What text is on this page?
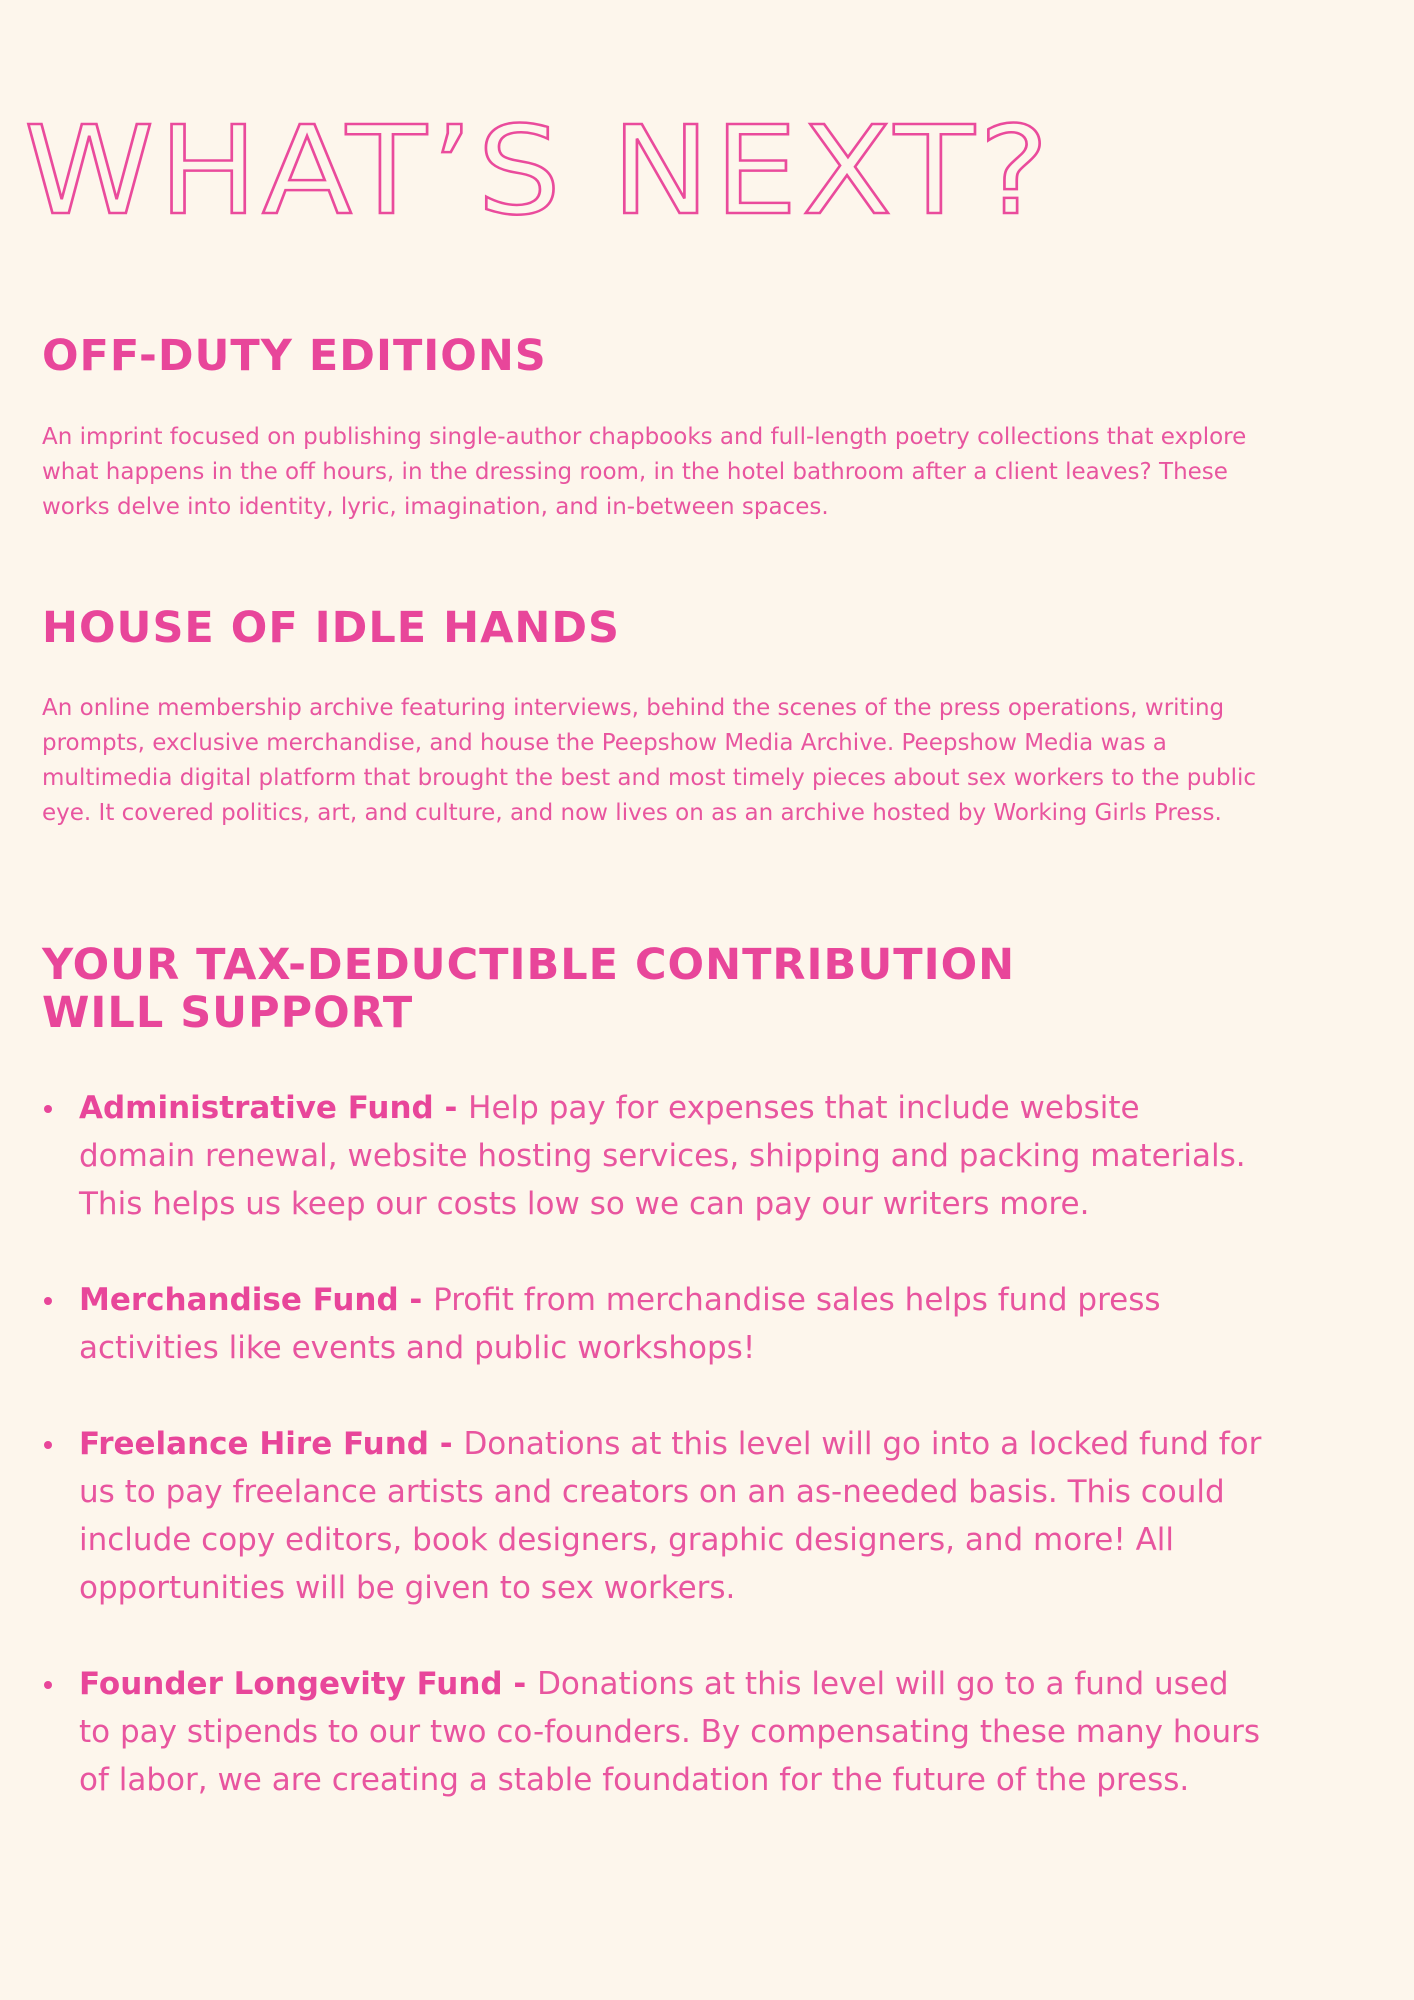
WHAT’S NEXT?
OFF-DUTY EDITIONS

An imprint focused on publishing single-author chapbooks and full-length poetry collections that explore what happens in the off hours, in the dressing room, in the hotel bathroom after a client leaves? These works delve into identity, lyric, imagination, and in-between spaces.

HOUSE OF IDLE HANDS

An online membership archive featuring interviews, behind the scenes of the press operations, writing prompts, exclusive merchandise, and house the Peepshow Media Archive. Peepshow Media was a multimedia digital platform that brought the best and most timely pieces about sex workers to the public eye. It covered politics, art, and culture, and now lives on as an archive hosted by Working Girls Press.

YOUR TAX-DEDUCTIBLE CONTRIBUTION WILL SUPPORT
Administrative Fund - Help pay for expenses that include website domain renewal, website hosting services, shipping and packing materials. This helps us keep our costs low so we can pay our writers more.
Merchandise Fund - Profit from merchandise sales helps fund press activities like events and public workshops!
Freelance Hire Fund - Donations at this level will go into a locked fund for us to pay freelance artists and creators on an as-needed basis. This could include copy editors, book designers, graphic designers, and more! All opportunities will be given to sex workers.
Founder Longevity Fund - Donations at this level will go to a fund used to pay stipends to our two co-founders. By compensating these many hours of labor, we are creating a stable foundation for the future of the press.
